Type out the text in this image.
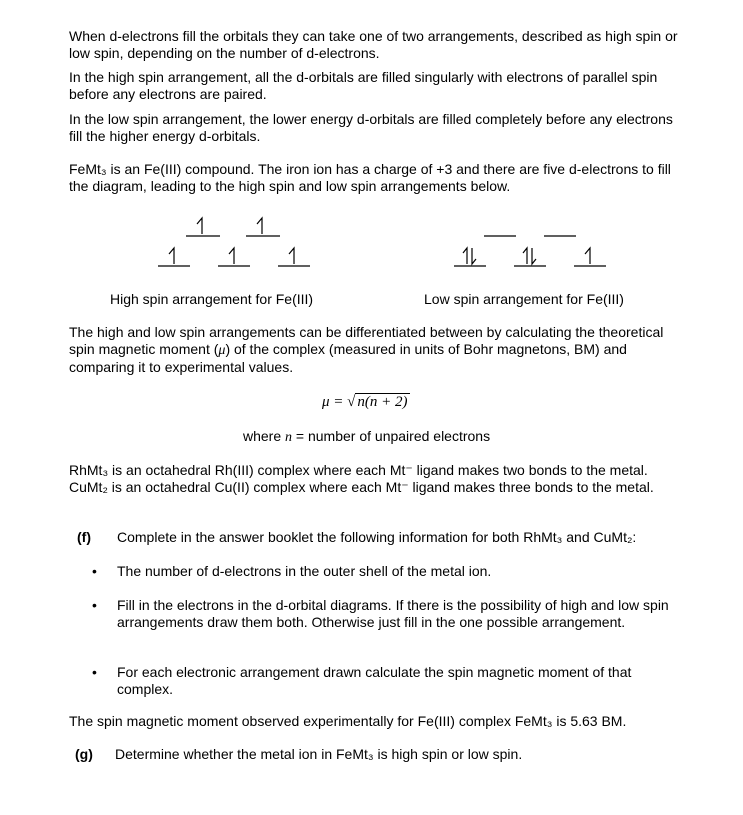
When d-electrons fill the orbitals they can take one of two arrangements, described as high spin or low spin, depending on the number of d-electrons.
In the high spin arrangement, all the d-orbitals are filled singularly with electrons of parallel spin before any electrons are paired.
In the low spin arrangement, the lower energy d-orbitals are filled completely before any electrons fill the higher energy d-orbitals.
FeMt₃ is an Fe(III) compound. The iron ion has a charge of +3 and there are five d-electrons to fill the diagram, leading to the high spin and low spin arrangements below.
High spin arrangement for Fe(III)	Low spin arrangement for Fe(III)
The high and low spin arrangements can be differentiated between by calculating the theoretical spin magnetic moment (μ) of the complex (measured in units of Bohr magnetons, BM) and comparing it to experimental values.
μ = √ n(n + 2)
where n = number of unpaired electrons
RhMt₃ is an octahedral Rh(III) complex where each Mt⁻ ligand makes two bonds to the metal. CuMt₂ is an octahedral Cu(II) complex where each Mt⁻ ligand makes three bonds to the metal.
(f) Complete in the answer booklet the following information for both RhMt₃ and CuMt₂:
• The number of d-electrons in the outer shell of the metal ion.
• Fill in the electrons in the d-orbital diagrams. If there is the possibility of high and low spin arrangements draw them both. Otherwise just fill in the one possible arrangement.
• For each electronic arrangement drawn calculate the spin magnetic moment of that complex.
The spin magnetic moment observed experimentally for Fe(III) complex FeMt₃ is 5.63 BM.
(g) Determine whether the metal ion in FeMt₃ is high spin or low spin.
